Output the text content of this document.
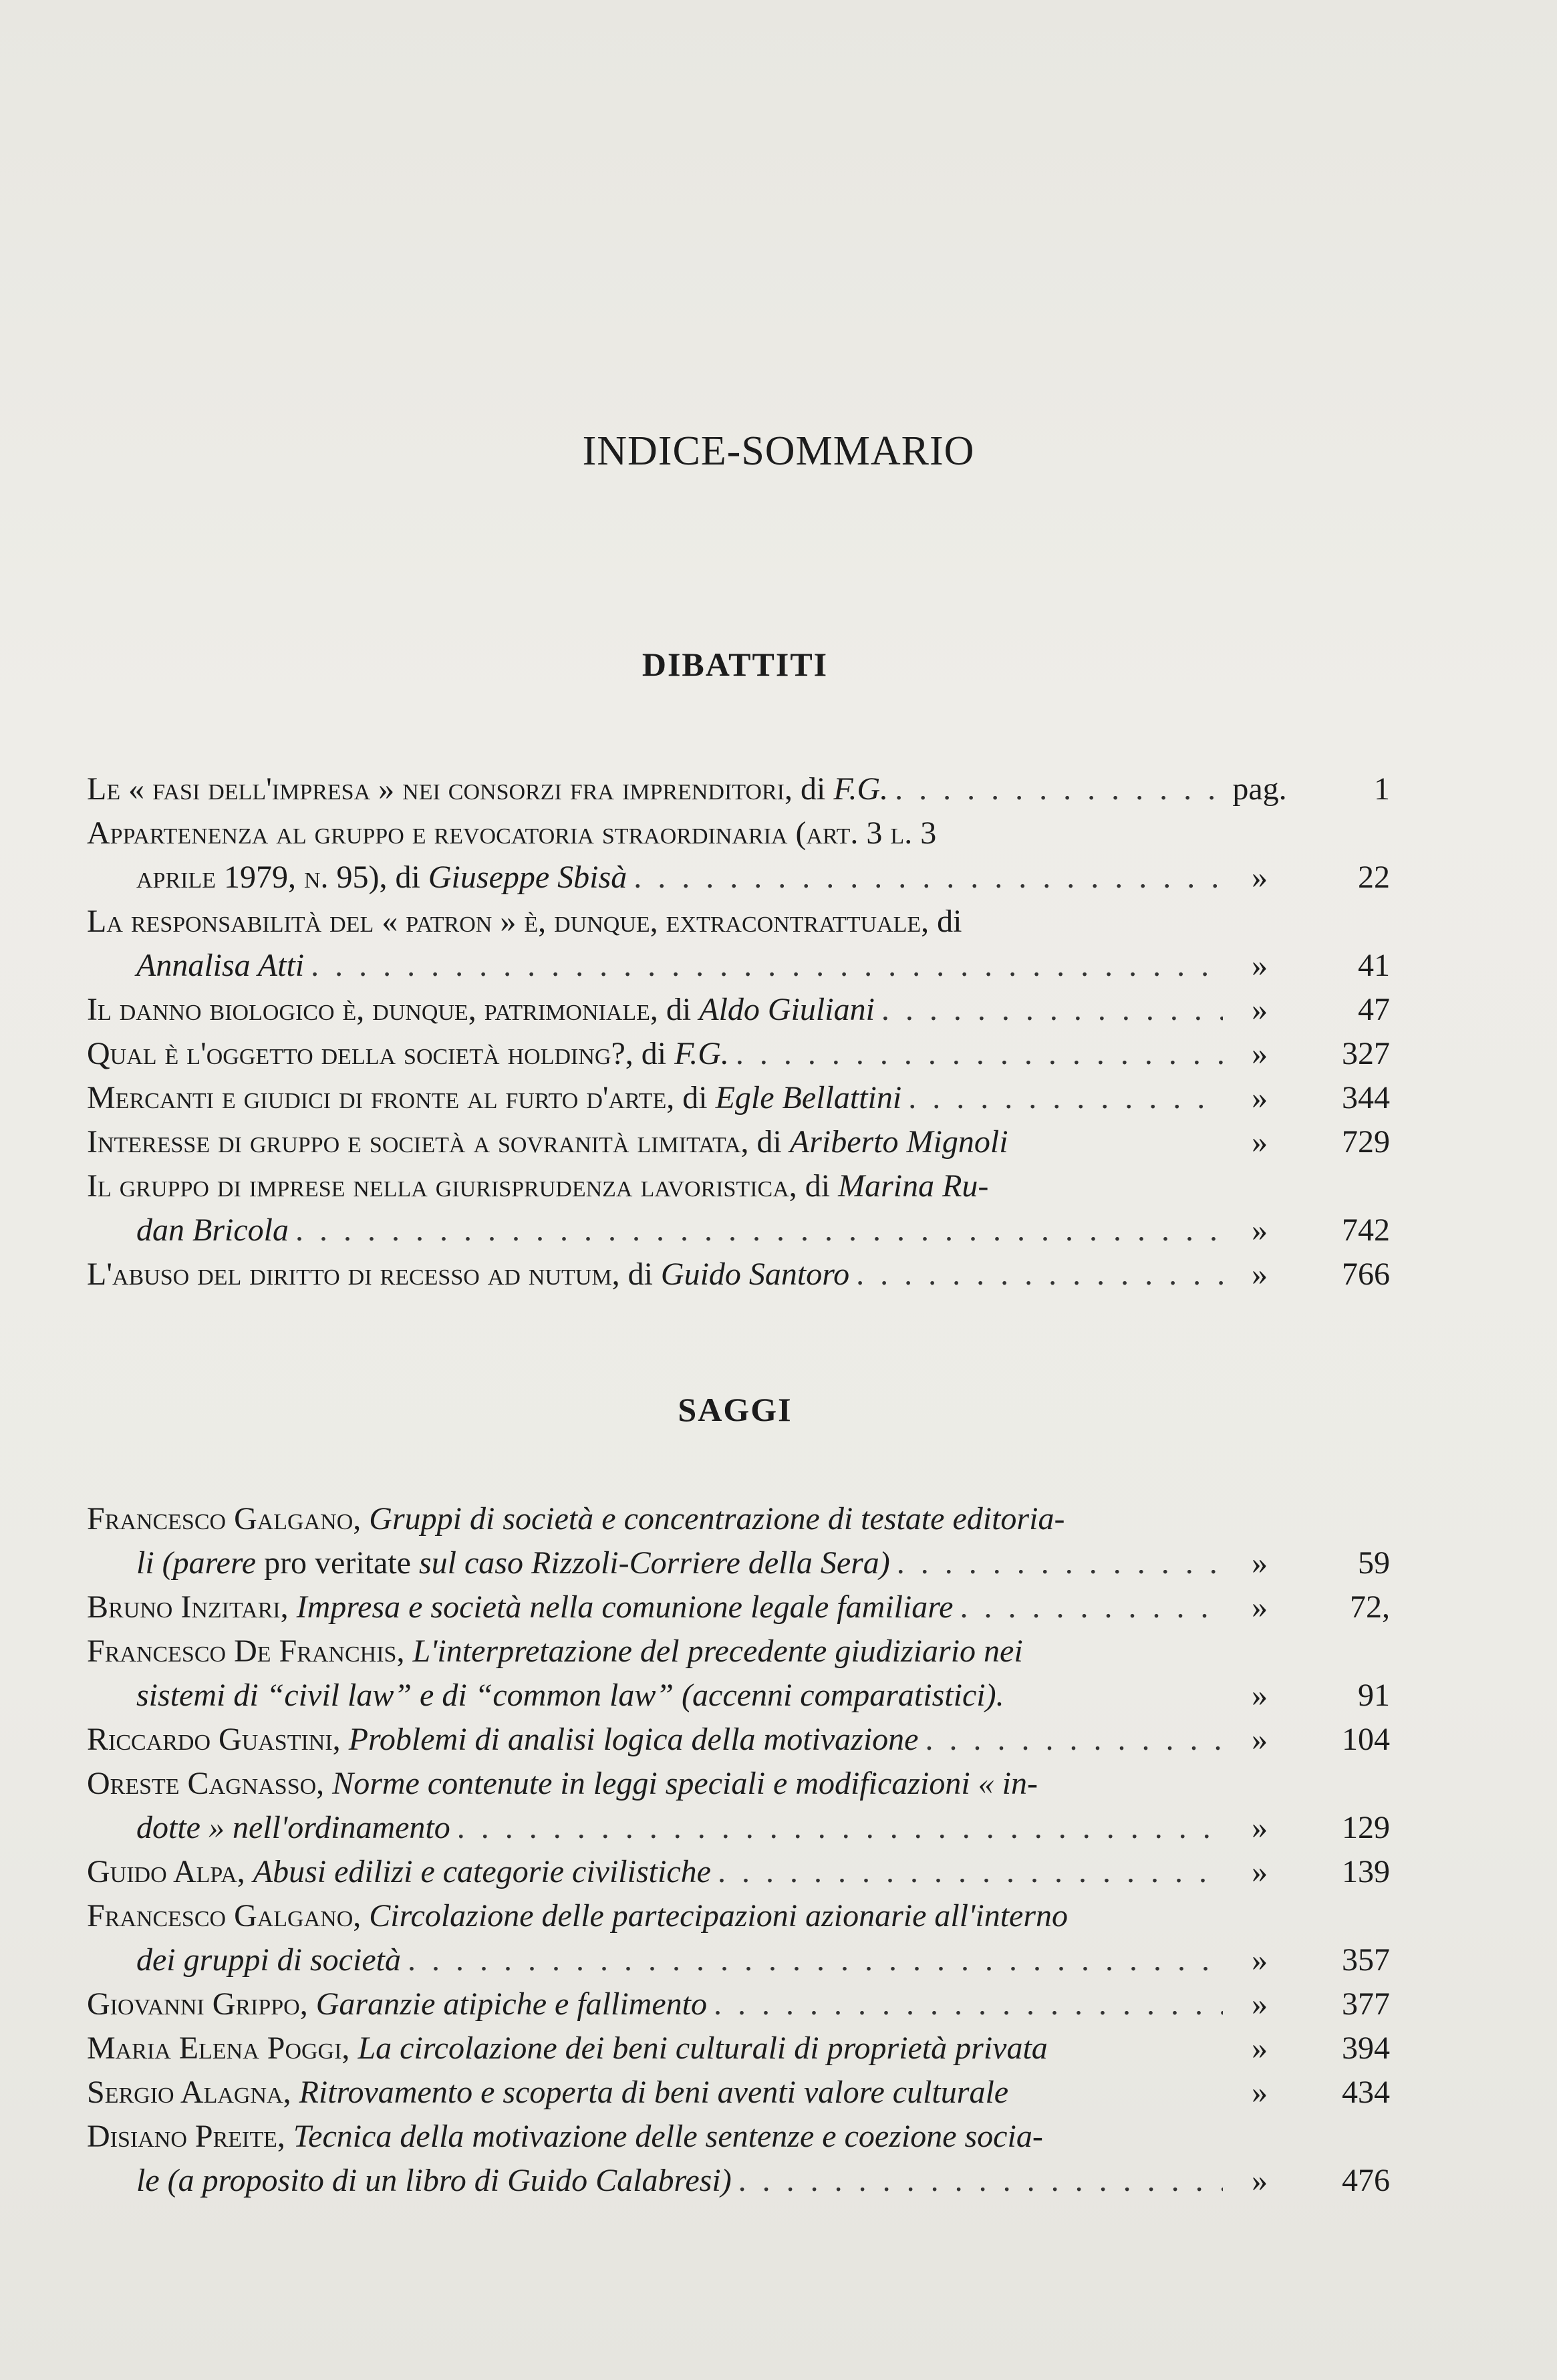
INDICE-SOMMARIO
DIBATTITI
Le « fasi dell'impresa » nei consorzi fra imprenditori,
di
F.G. . . .	pag.	1
Appartenenza al gruppo e revocatoria straordinaria (art. 3 l. 3
aprile 1979, n. 95),
di
Giuseppe Sbisà . . .	»	22
La responsabilità del « patron » è, dunque, extracontrattuale,
di
Annalisa Atti . . .	»	41
Il danno biologico è, dunque, patrimoniale,
di
Aldo Giuliani . . .	»	47
Qual è l'oggetto della società holding?,
di
F.G. . . .	»	327
Mercanti e giudici di fronte al furto d'arte,
di
Egle Bellattini . . .	»	344
Interesse di gruppo e società a sovranità limitata,
di
Ariberto Mignoli	»	729
Il gruppo di imprese nella giurisprudenza lavoristica,
di
Marina Ru-
dan Bricola . . .	»	742
L'abuso del diritto di recesso ad nutum,
di
Guido Santoro . . .	»	766
SAGGI
Francesco Galgano,
Gruppi di società e concentrazione di testate editoria-
li (parere
pro veritate
sul caso Rizzoli-Corriere della Sera) . . .	»	59
Bruno Inzitari,
Impresa e società nella comunione legale familiare . . .	»	72,
Francesco De Franchis,
L'interpretazione del precedente giudiziario nei
sistemi di “civil law” e di “common law” (accenni comparatistici).	»	91
Riccardo Guastini,
Problemi di analisi logica della motivazione . . .	»	104
Oreste Cagnasso,
Norme contenute in leggi speciali e modificazioni « in-
dotte » nell'ordinamento . . .	»	129
Guido Alpa,
Abusi edilizi e categorie civilistiche . . .	»	139
Francesco Galgano,
Circolazione delle partecipazioni azionarie all'interno
dei gruppi di società . . .	»	357
Giovanni Grippo,
Garanzie atipiche e fallimento . . .	»	377
Maria Elena Poggi,
La circolazione dei beni culturali di proprietà privata	»	394
Sergio Alagna,
Ritrovamento e scoperta di beni aventi valore culturale	»	434
Disiano Preite,
Tecnica della motivazione delle sentenze e coezione socia-
le (a proposito di un libro di Guido Calabresi) . . .	»	476
